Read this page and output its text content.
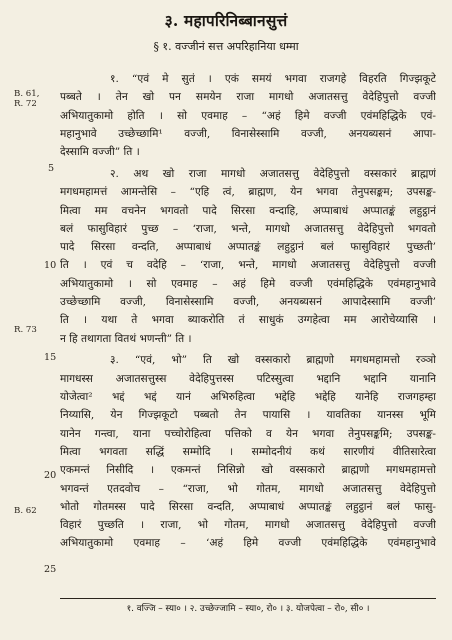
३. महापरिनिब्बानसुत्तं
§ १. वज्जीनं सत्त अपरिहानिया धम्मा
B. 61,
R. 72
R. 73
B. 62
5
10
15
20
25
१. “एवं मे सुतं । एकं समयं भगवा राजगहे विहरति गिज्झकूटे
पब्बते । तेन खो पन समयेन राजा मागधो अजातसत्तु वेदेहिपुत्तो वज्जी
अभियातुकामो होति । सो एवमाह – “अहं हिमे वज्जी एवंमहिद्धिके एवं-
महानुभावे उच्छेच्छामि¹ वज्जी, विनासेस्सामि वज्जी, अनयब्यसनं आपा-
देस्सामि वज्जी” ति ।
२. अथ खो राजा मागधो अजातसत्तु वेदेहिपुत्तो वस्सकारं ब्राह्मणं
मगधमहामत्तं आमन्तेसि – “एहि त्वं, ब्राह्मण, येन भगवा तेनुपसङ्कम; उपसङ्क-
मित्वा मम वचनेन भगवतो पादे सिरसा वन्दाहि, अप्पाबाधं अप्पातङ्कं लहुट्ठानं
बलं फासुविहारं पुच्छ – ‘राजा, भन्ते, मागधो अजातसत्तु वेदेहिपुत्तो भगवतो
पादे सिरसा वन्दति, अप्पाबाधं अप्पातङ्कं लहुट्ठानं बलं फासुविहारं पुच्छती’
ति । एवं च वदेहि – ‘राजा, भन्ते, मागधो अजातसत्तु वेदेहिपुत्तो वज्जी
अभियातुकामो । सो एवमाह – अहं हिमे वज्जी एवंमहिद्धिके एवंमहानुभावे
उच्छेच्छामि वज्जी, विनासेस्सामि वज्जी, अनयब्यसनं आपादेस्सामि वज्जी’
ति । यथा ते भगवा ब्याकरोति तं साधुकं उग्गहेत्वा मम आरोचेय्यासि ।
न हि तथागता वितथं भणन्ती” ति ।
३. “एवं, भो” ति खो वस्सकारो ब्राह्मणो मगधमहामत्तो रञ्ञो
मागधस्स अजातसत्तुस्स वेदेहिपुत्तस्स पटिस्सुत्वा भद्दानि भद्दानि यानानि
योजेत्वा² भद्दं भद्दं यानं अभिरुहित्वा भद्देहि भद्देहि यानेहि राजगहम्हा
निय्यासि, येन गिज्झकूटो पब्बतो तेन पायासि । यावतिका यानस्स भूमि
यानेन गन्त्वा, याना पच्चोरोहित्वा पत्तिको व येन भगवा तेनुपसङ्कमि; उपसङ्क-
मित्वा भगवता सद्धिं सम्मोदि । सम्मोदनीयं कथं सारणीयं वीतिसारेत्वा
एकमन्तं निसीदि । एकमन्तं निसिन्नो खो वस्सकारो ब्राह्मणो मगधमहामत्तो
भगवन्तं एतदवोच – “राजा, भो गोतम, मागधो अजातसत्तु वेदेहिपुत्तो
भोतो गोतमस्स पादे सिरसा वन्दति, अप्पाबाधं अप्पातङ्कं लहुट्ठानं बलं फासु-
विहारं पुच्छति । राजा, भो गोतम, मागधो अजातसत्तु वेदेहिपुत्तो वज्जी
अभियातुकामो एवमाह – ‘अहं हिमे वज्जी एवंमहिद्धिके एवंमहानुभावे
१. वज्जि – स्या० । २. उच्छेज्जामि – स्या०, रो० । ३. योजपेत्वा – रो०, सी० ।
